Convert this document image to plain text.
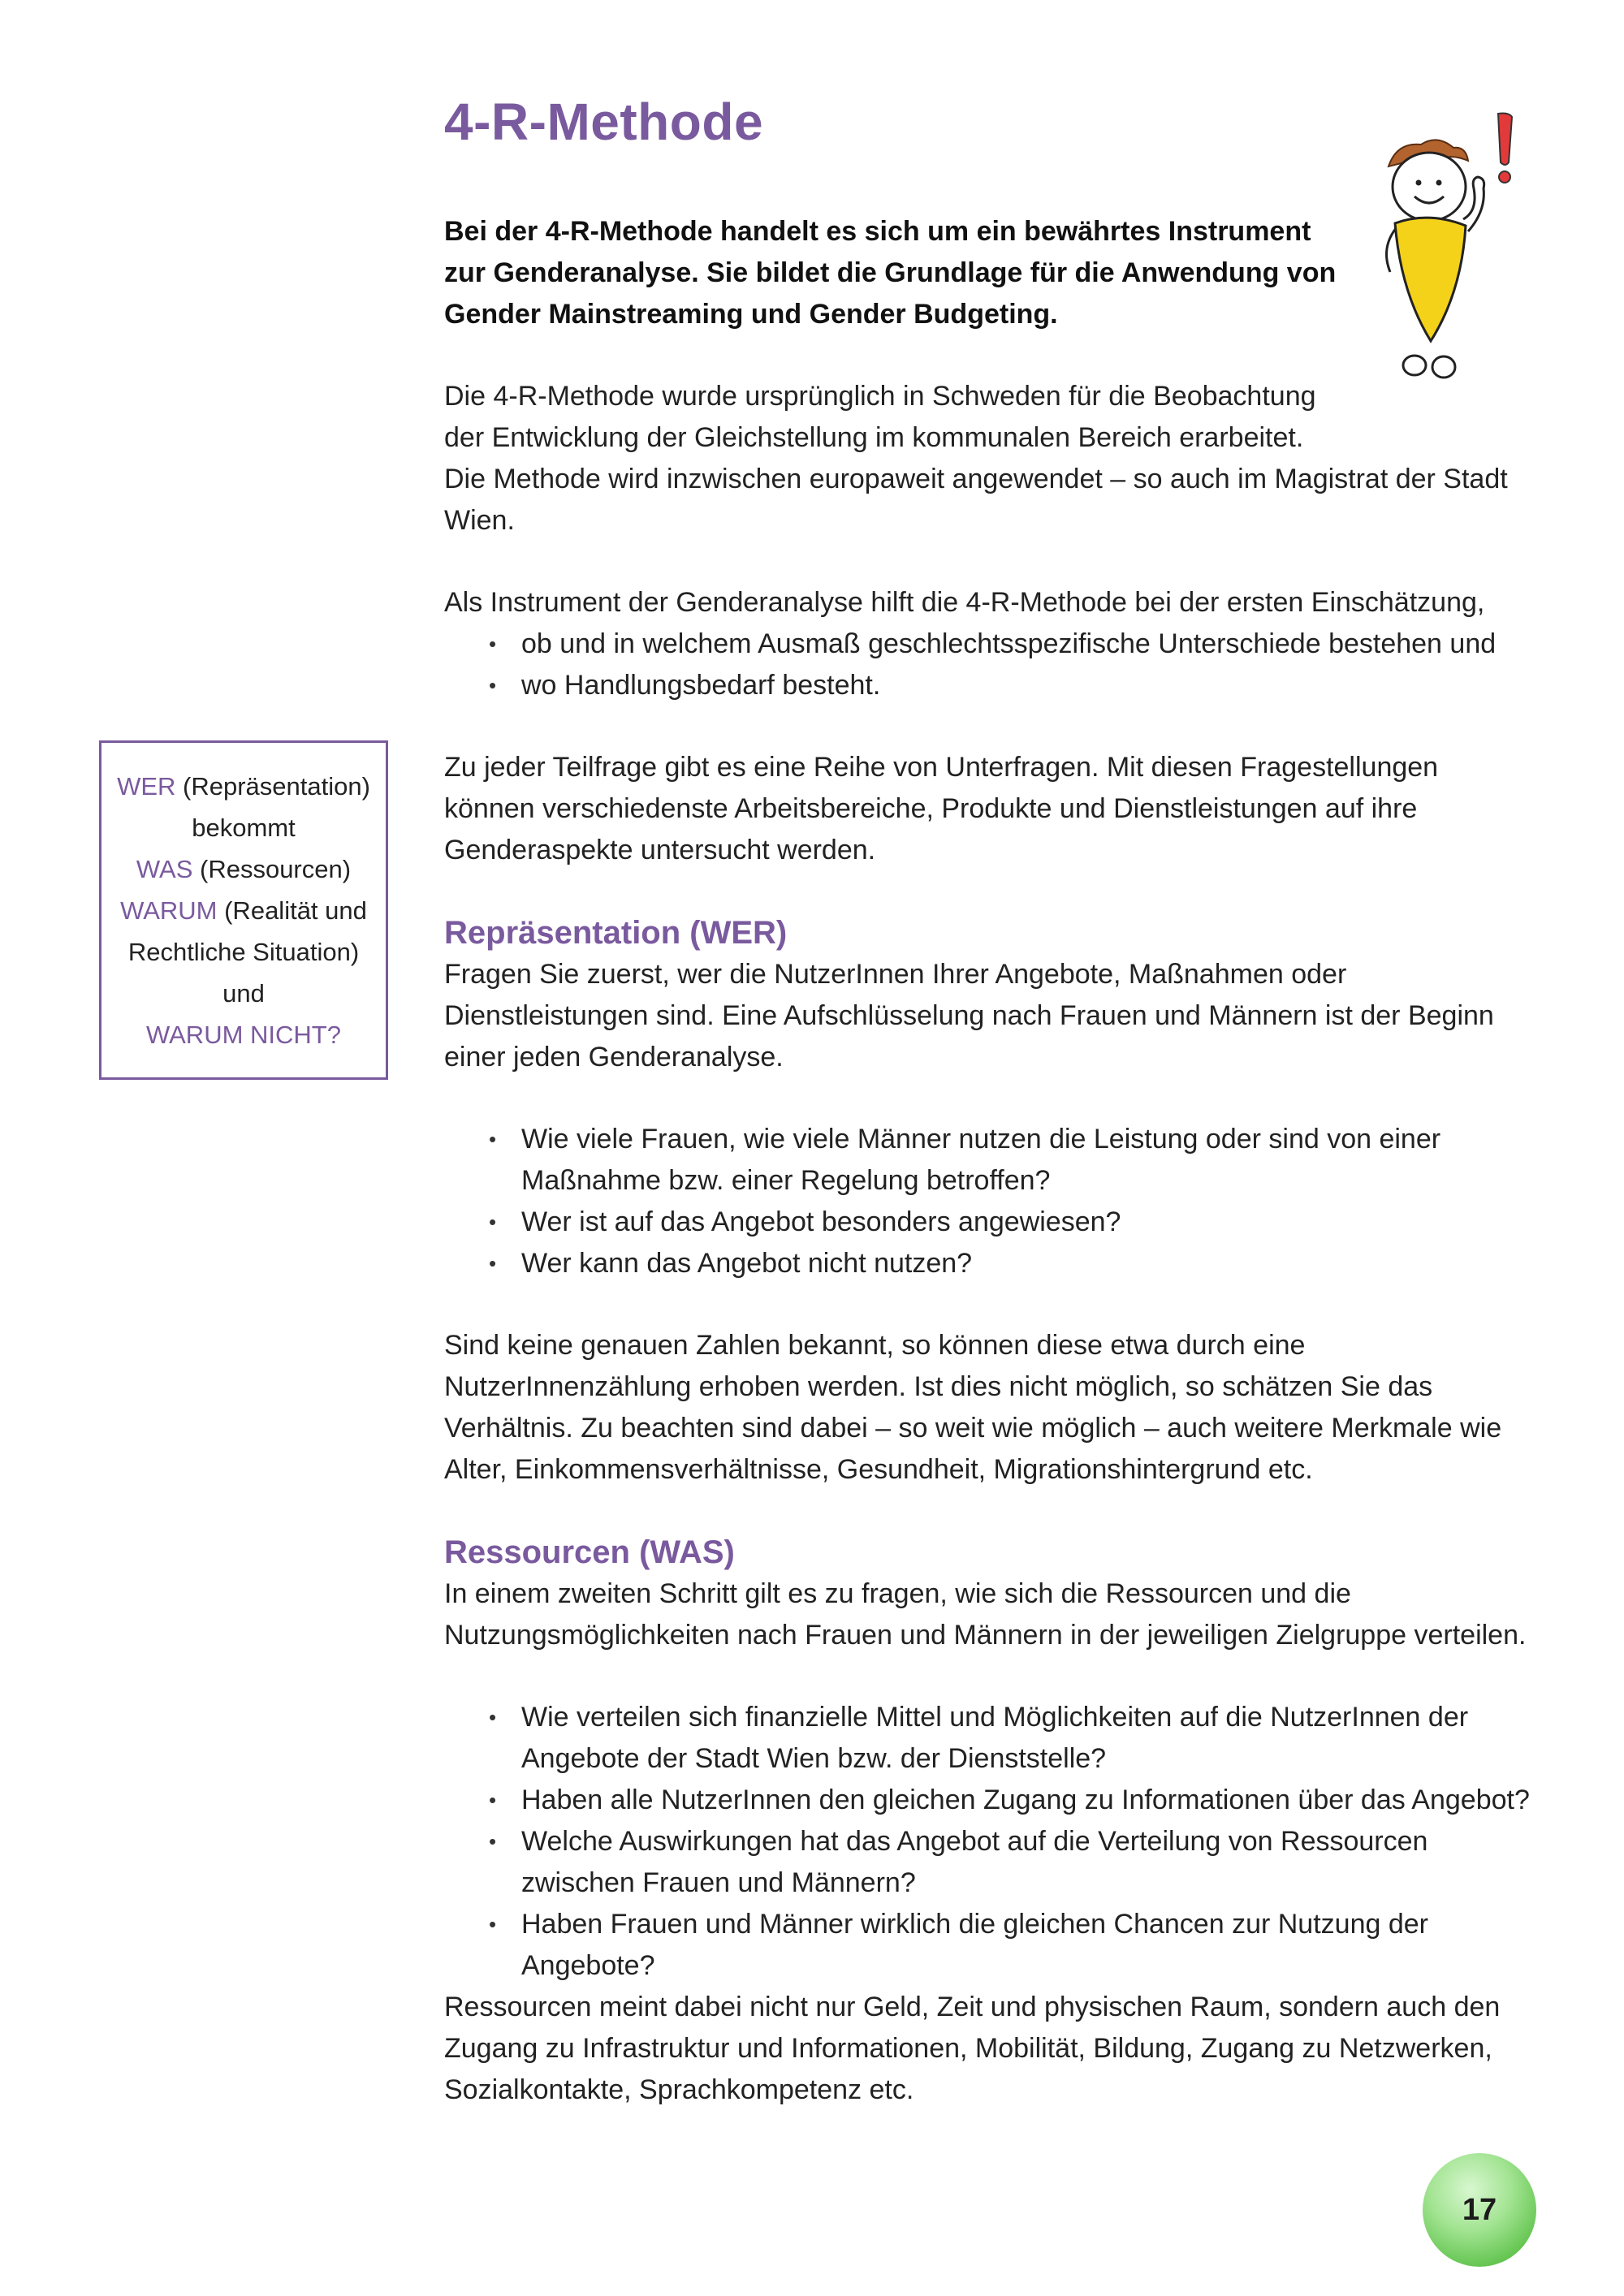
WER (Repräsentation)
bekommt
WAS (Ressourcen)
WARUM (Realität und
Rechtliche Situation)
und
WARUM NICHT?
4-R-Methode
Bei der 4-R-Methode handelt es sich um ein bewährtes Instrument zur Genderanalyse. Sie bildet die Grundlage für die Anwendung von Gender Mainstreaming und Gender Budgeting.

Die 4-R-Methode wurde ursprünglich in Schweden für die Beobachtung der Entwicklung der Gleichstellung im kommunalen Bereich erarbeitet.

Die Methode wird inzwischen europaweit angewendet – so auch im Magistrat der Stadt Wien.

Als Instrument der Genderanalyse hilft die 4-R-Methode bei der ersten Einschätzung,

• ob und in welchem Ausmaß geschlechtsspezifische Unterschiede bestehen und
• wo Handlungsbedarf besteht.

Zu jeder Teilfrage gibt es eine Reihe von Unterfragen. Mit diesen Fragestellungen können verschiedenste Arbeitsbereiche, Produkte und Dienstleistungen auf ihre Genderaspekte untersucht werden.

Repräsentation (WER)

Fragen Sie zuerst, wer die NutzerInnen Ihrer Angebote, Maßnahmen oder Dienstleistungen sind. Eine Aufschlüsselung nach Frauen und Männern ist der Beginn einer jeden Genderanalyse.

• Wie viele Frauen, wie viele Männer nutzen die Leistung oder sind von einer Maßnahme bzw. einer Regelung betroffen?
• Wer ist auf das Angebot besonders angewiesen?
• Wer kann das Angebot nicht nutzen?

Sind keine genauen Zahlen bekannt, so können diese etwa durch eine NutzerInnenzählung erhoben werden. Ist dies nicht möglich, so schätzen Sie das Verhältnis. Zu beachten sind dabei – so weit wie möglich – auch weitere Merkmale wie Alter, Einkommensverhältnisse, Gesundheit, Migrationshintergrund etc.

Ressourcen (WAS)

In einem zweiten Schritt gilt es zu fragen, wie sich die Ressourcen und die Nutzungsmöglichkeiten nach Frauen und Männern in der jeweiligen Zielgruppe verteilen.

• Wie verteilen sich finanzielle Mittel und Möglichkeiten auf die NutzerInnen der Angebote der Stadt Wien bzw. der Dienststelle?
• Haben alle NutzerInnen den gleichen Zugang zu Informationen über das Angebot?
• Welche Auswirkungen hat das Angebot auf die Verteilung von Ressourcen zwischen Frauen und Männern?
• Haben Frauen und Männer wirklich die gleichen Chancen zur Nutzung der Angebote?

Ressourcen meint dabei nicht nur Geld, Zeit und physischen Raum, sondern auch den Zugang zu Infrastruktur und Informationen, Mobilität, Bildung, Zugang zu Netzwerken, Sozialkontakte, Sprachkompetenz etc.

17
